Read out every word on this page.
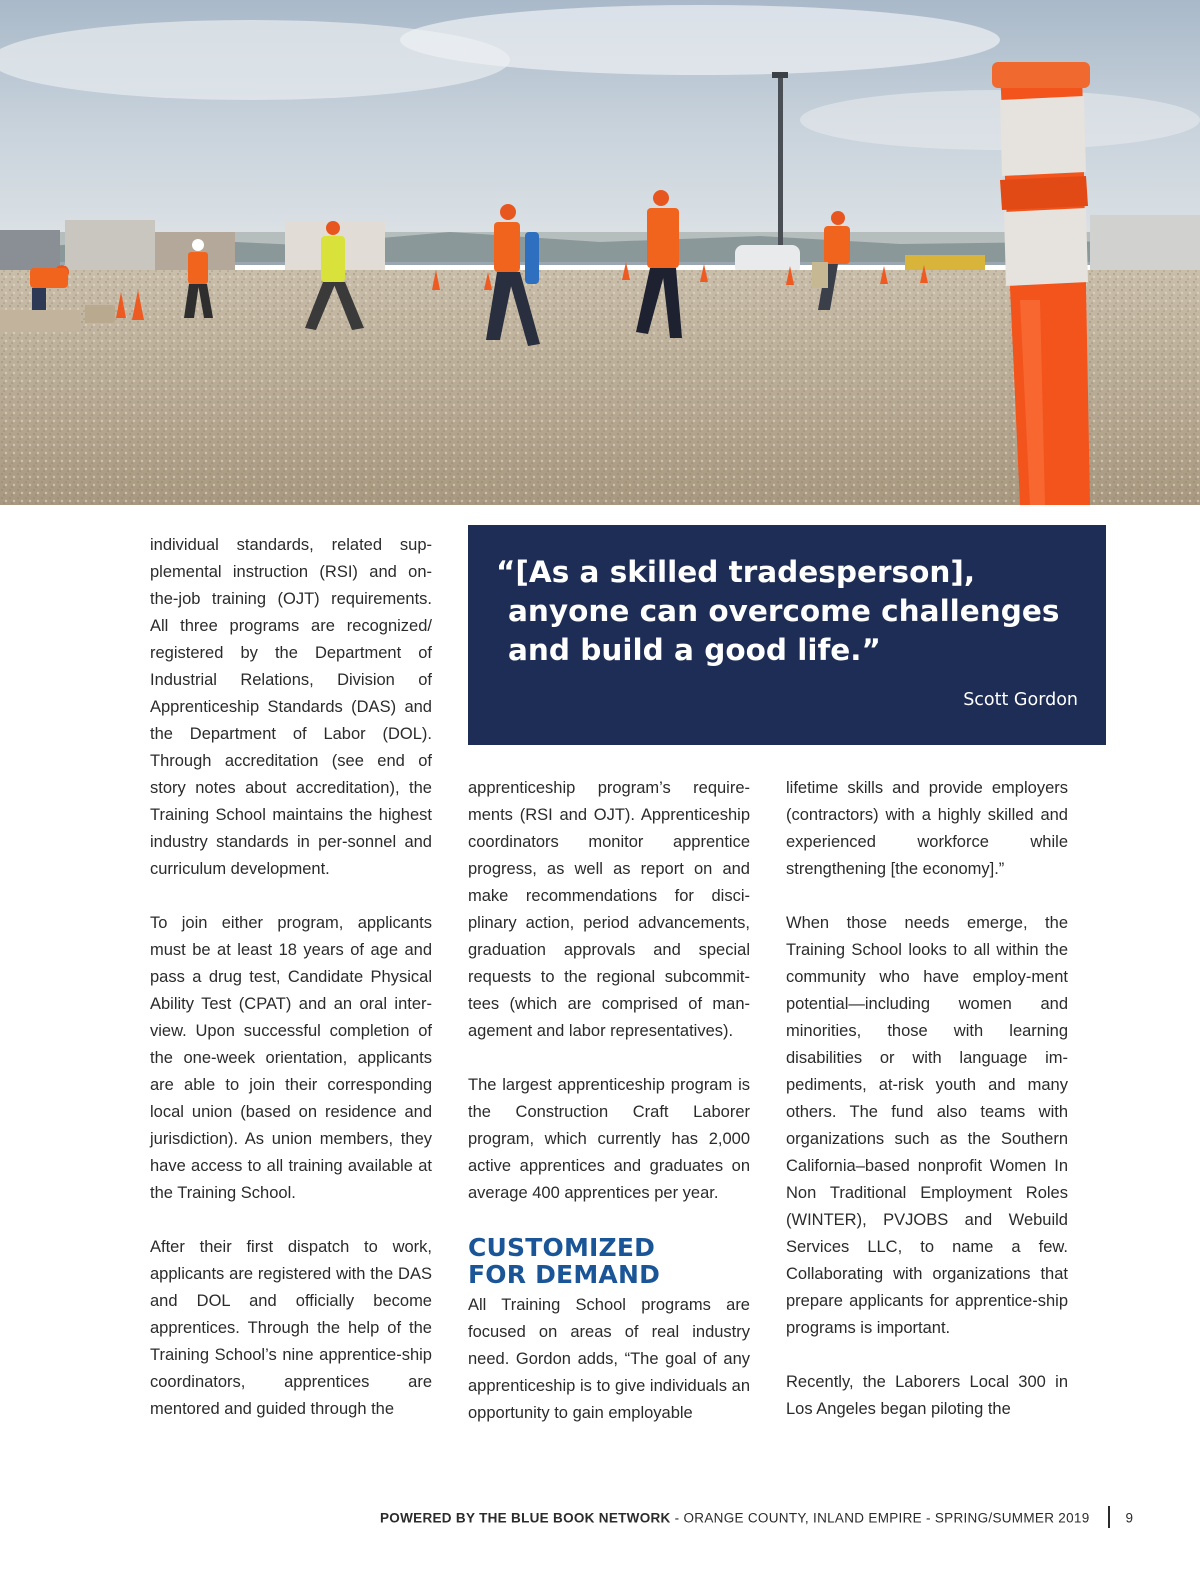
individual standards, related sup-plemental instruction (RSI) and on-the-job training (OJT) requirements. All three programs are recognized/ registered by the Department of Industrial Relations, Division of Apprenticeship Standards (DAS) and the Department of Labor (DOL). Through accreditation (see end of story notes about accreditation), the Training School maintains the highest industry standards in per-sonnel and curriculum development.

To join either program, applicants must be at least 18 years of age and pass a drug test, Candidate Physical Ability Test (CPAT) and an oral inter-view. Upon successful completion of the one-week orientation, applicants are able to join their corresponding local union (based on residence and jurisdiction). As union members, they have access to all training available at the Training School.

After their first dispatch to work, applicants are registered with the DAS and DOL and officially become apprentices. Through the help of the Training School’s nine apprentice-ship coordinators, apprentices are mentored and guided through the

“[As a skilled tradesperson], anyone can overcome challenges and build a good life.”

Scott Gordon

apprenticeship program’s require-ments (RSI and OJT). Apprenticeship coordinators monitor apprentice progress, as well as report on and make recommendations for disci-plinary action, period advancements, graduation approvals and special requests to the regional subcommit-tees (which are comprised of man-agement and labor representatives).

The largest apprenticeship program is the Construction Craft Laborer program, which currently has 2,000 active apprentices and graduates on average 400 apprentices per year.

CUSTOMIZED
FOR DEMAND

All Training School programs are focused on areas of real industry need. Gordon adds, “The goal of any apprenticeship is to give individuals an opportunity to gain employable

lifetime skills and provide employers (contractors) with a highly skilled and experienced workforce while strengthening [the economy].”

When those needs emerge, the Training School looks to all within the community who have employ-ment potential—including women and minorities, those with learning disabilities or with language im-pediments, at-risk youth and many others. The fund also teams with organizations such as the Southern California–based nonprofit Women In Non Traditional Employment Roles (WINTER), PVJOBS and Webuild Services LLC, to name a few. Collaborating with organizations that prepare applicants for apprentice-ship programs is important.

Recently, the Laborers Local 300 in Los Angeles began piloting the

POWERED BY THE BLUE BOOK NETWORK - ORANGE COUNTY, INLAND EMPIRE - SPRING/SUMMER 2019	9
